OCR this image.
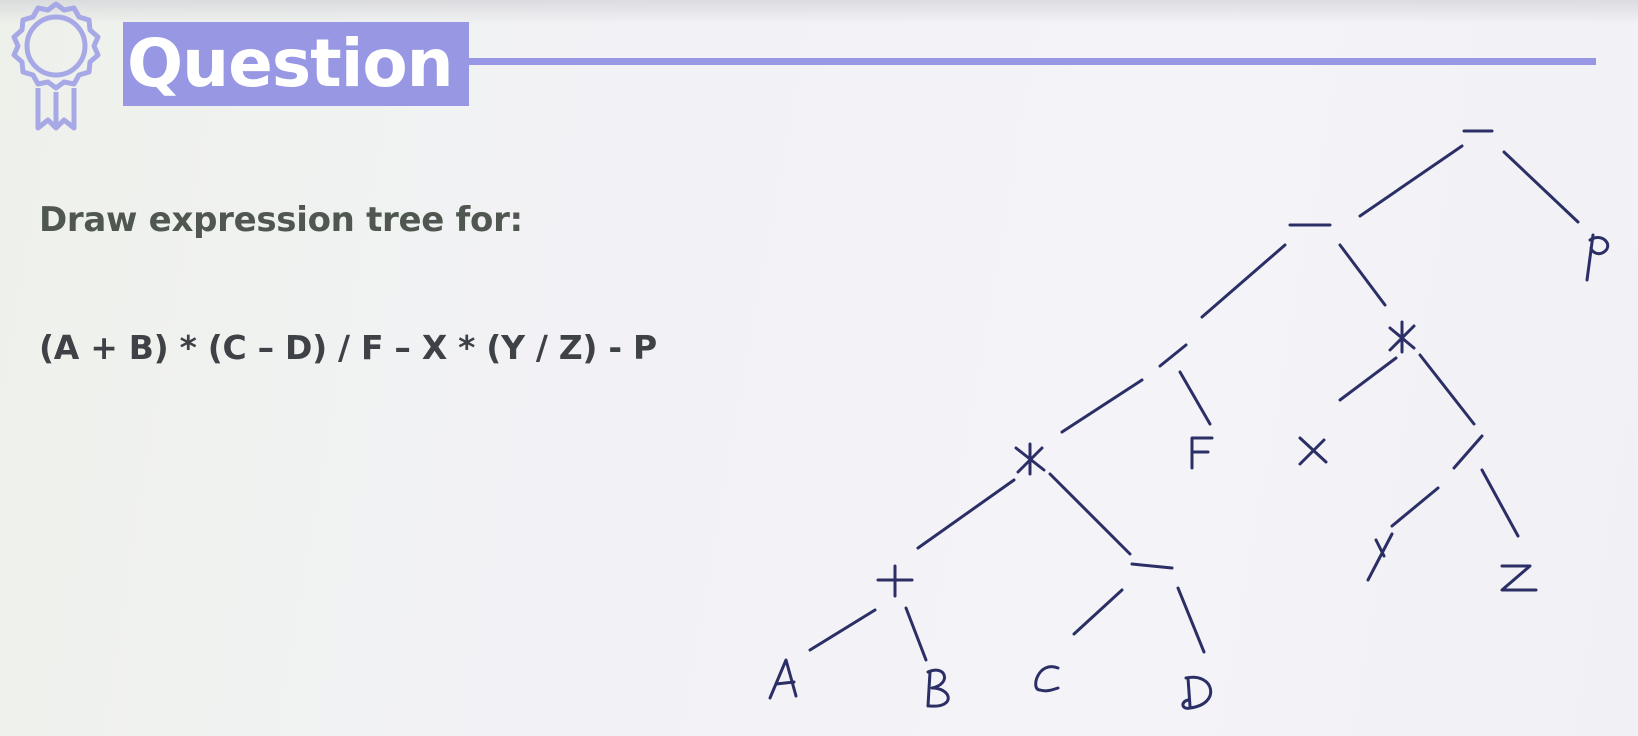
Question
Draw expression tree for:
(A + B) * (C – D) / F – X * (Y / Z) - P
